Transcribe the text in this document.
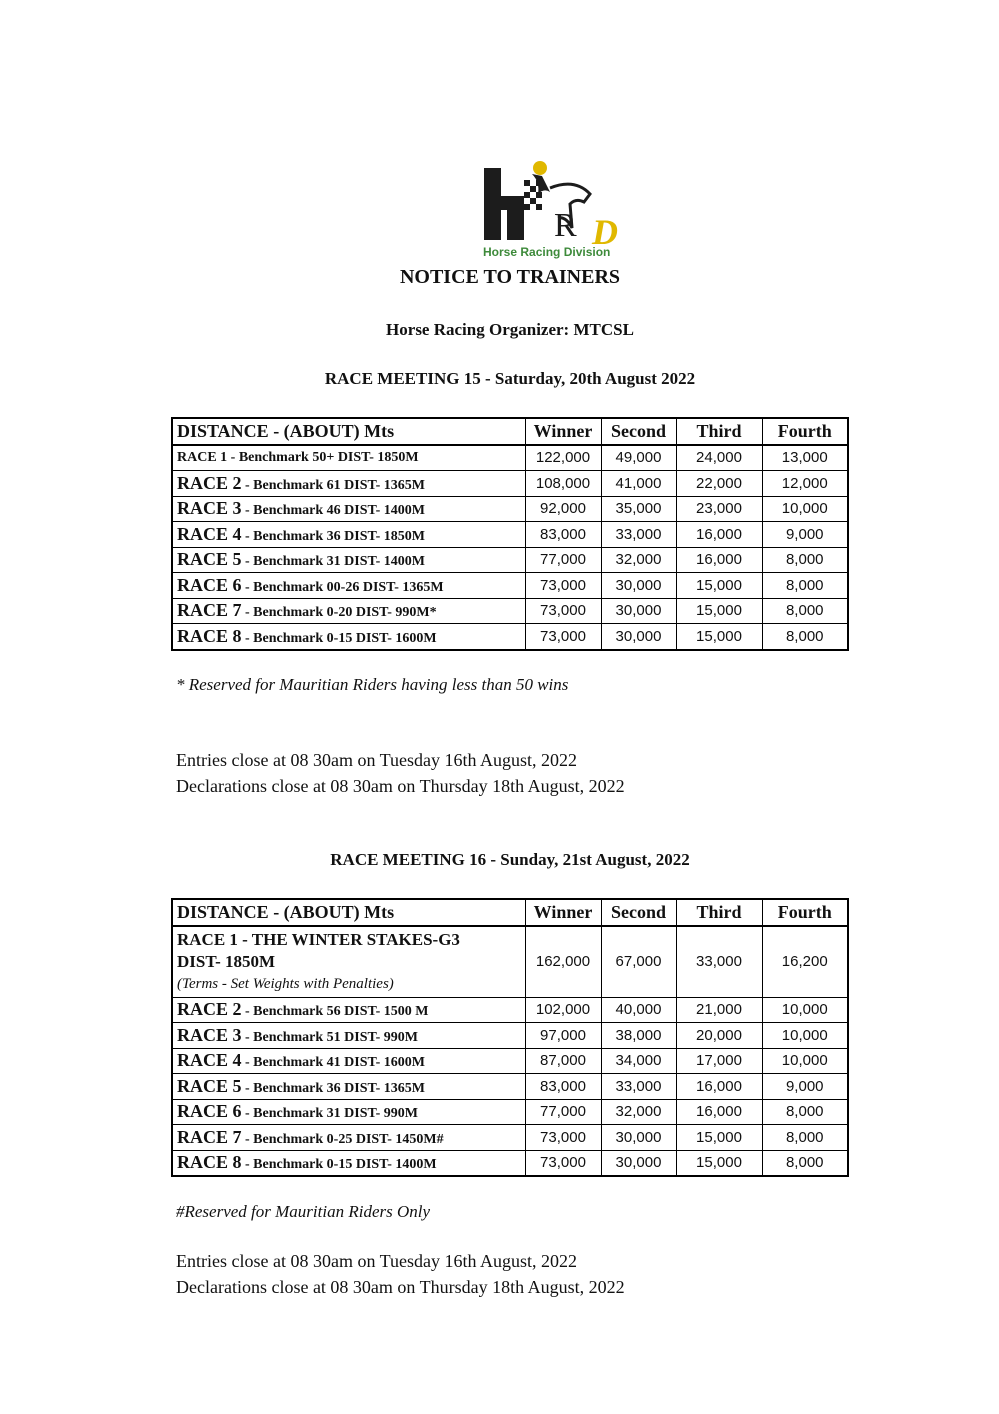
R D
Horse Racing Division
NOTICE TO TRAINERS
Horse Racing Organizer: MTCSL
RACE MEETING 15 - Saturday, 20th August 2022
DISTANCE - (ABOUT) Mts	Winner	Second	Third	Fourth
RACE 1 - Benchmark 50+ DIST- 1850M	122,000	49,000	24,000	13,000
RACE 2 - Benchmark 61 DIST- 1365M	108,000	41,000	22,000	12,000
RACE 3 - Benchmark 46 DIST- 1400M	92,000	35,000	23,000	10,000
RACE 4 - Benchmark 36 DIST- 1850M	83,000	33,000	16,000	9,000
RACE 5 - Benchmark 31 DIST- 1400M	77,000	32,000	16,000	8,000
RACE 6 - Benchmark 00-26 DIST- 1365M	73,000	30,000	15,000	8,000
RACE 7 - Benchmark 0-20 DIST- 990M*	73,000	30,000	15,000	8,000
RACE 8 - Benchmark 0-15 DIST- 1600M	73,000	30,000	15,000	8,000
* Reserved for Mauritian Riders having less than 50 wins
Entries close at 08 30am on Tuesday 16th August, 2022
Declarations close at 08 30am on Thursday 18th August, 2022
RACE MEETING 16 - Sunday, 21st August, 2022
DISTANCE - (ABOUT) Mts	Winner	Second	Third	Fourth

RACE 1 - THE WINTER STAKES-G3
DIST- 1850M
(Terms - Set Weights with Penalties)	162,000	67,000	33,000	16,200
RACE 2 - Benchmark 56 DIST- 1500 M	102,000	40,000	21,000	10,000
RACE 3 - Benchmark 51 DIST- 990M	97,000	38,000	20,000	10,000
RACE 4 - Benchmark 41 DIST- 1600M	87,000	34,000	17,000	10,000
RACE 5 - Benchmark 36 DIST- 1365M	83,000	33,000	16,000	9,000
RACE 6 - Benchmark 31 DIST- 990M	77,000	32,000	16,000	8,000
RACE 7 - Benchmark 0-25 DIST- 1450M#	73,000	30,000	15,000	8,000
RACE 8 - Benchmark 0-15 DIST- 1400M	73,000	30,000	15,000	8,000
#Reserved for Mauritian Riders Only
Entries close at 08 30am on Tuesday 16th August, 2022
Declarations close at 08 30am on Thursday 18th August, 2022
